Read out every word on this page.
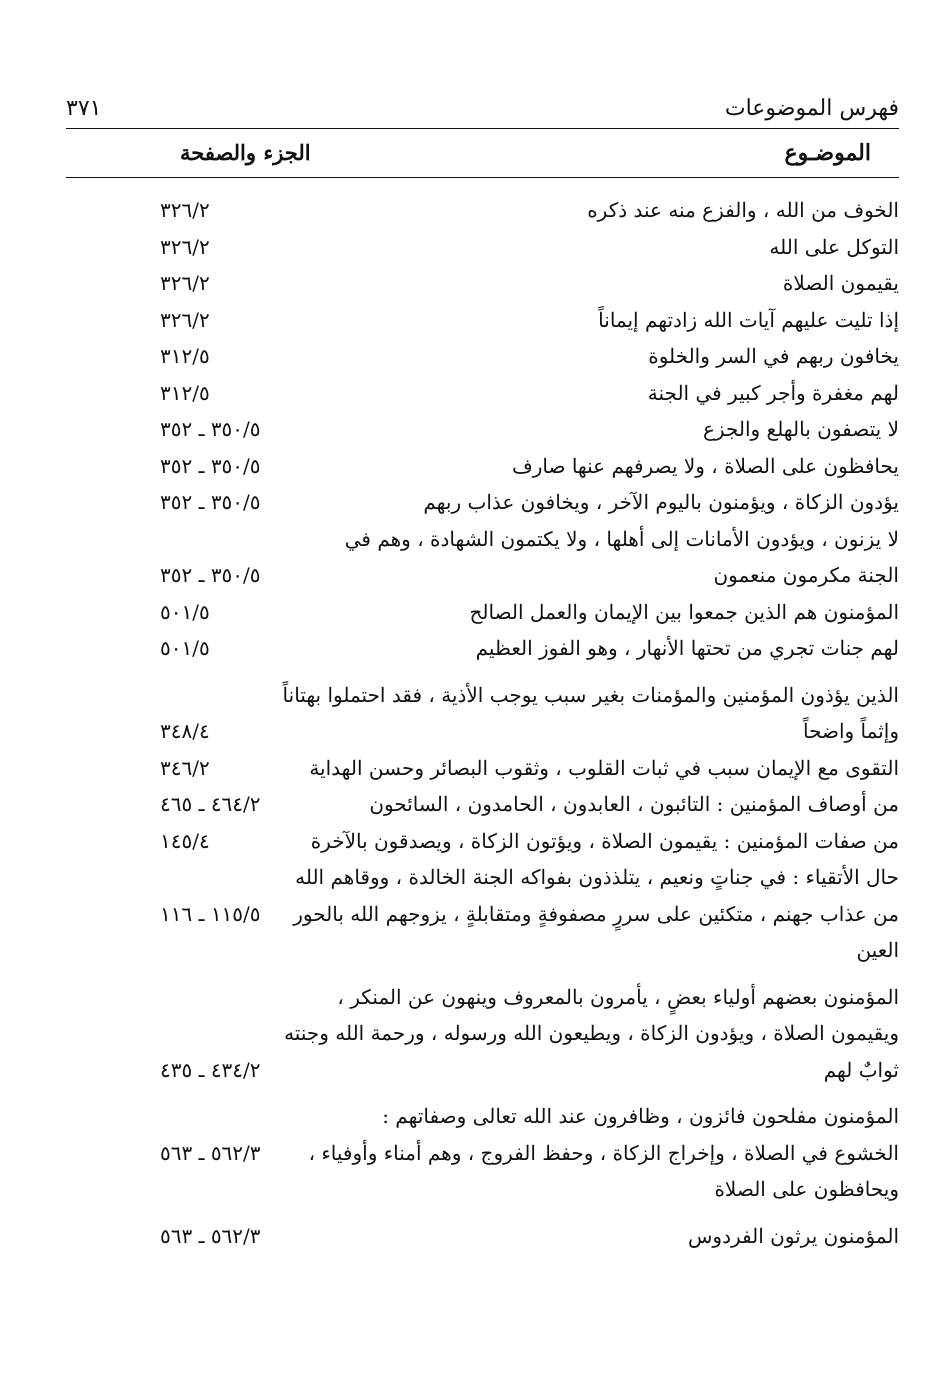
فهرس الموضوعات
٣٧١
الموضـوع
الجزء والصفحة
الخوف من الله ، والفزع منه عند ذكره
٣٢٦/٢
التوكل على الله
٣٢٦/٢
يقيمون الصلاة
٣٢٦/٢
إذا تليت عليهم آيات الله زادتهم إيماناً
٣٢٦/٢
يخافون ربهم في السر والخلوة
٣١٢/٥
لهم مغفرة وأجر كبير في الجنة
٣١٢/٥
لا يتصفون بالهلع والجزع
٣٥٠/٥ ـ ٣٥٢
يحافظون على الصلاة ، ولا يصرفهم عنها صارف
٣٥٠/٥ ـ ٣٥٢
يؤدون الزكاة ، ويؤمنون باليوم الآخر ، ويخافون عذاب ربهم
٣٥٠/٥ ـ ٣٥٢
لا يزنون ، ويؤدون الأمانات إلى أهلها ، ولا يكتمون الشهادة ، وهم في
الجنة مكرمون منعمون
٣٥٠/٥ ـ ٣٥٢
المؤمنون هم الذين جمعوا بين الإيمان والعمل الصالح
٥٠١/٥
لهم جنات تجري من تحتها الأنهار ، وهو الفوز العظيم
٥٠١/٥
الذين يؤذون المؤمنين والمؤمنات بغير سبب يوجب الأذية ، فقد احتملوا بهتاناً
وإثماً واضحاً
٣٤٨/٤
التقوى مع الإيمان سبب في ثبات القلوب ، وثقوب البصائر وحسن الهداية
٣٤٦/٢
من أوصاف المؤمنين : التائبون ، العابدون ، الحامدون ، السائحون
٤٦٤/٢ ـ ٤٦٥
من صفات المؤمنين : يقيمون الصلاة ، ويؤتون الزكاة ، ويصدقون بالآخرة
١٤٥/٤
حال الأتقياء : في جناتٍ ونعيم ، يتلذذون بفواكه الجنة الخالدة ، ووقاهم الله
من عذاب جهنم ، متكئين على سررٍ مصفوفةٍ ومتقابلةٍ ، يزوجهم الله بالحور
العين
١١٥/٥ ـ ١١٦
المؤمنون بعضهم أولياء بعضٍ ، يأمرون بالمعروف وينهون عن المنكر ،
ويقيمون الصلاة ، ويؤدون الزكاة ، ويطيعون الله ورسوله ، ورحمة الله وجنته
ثوابٌ لهم
٤٣٤/٢ ـ ٤٣٥
المؤمنون مفلحون فائزون ، وظافرون عند الله تعالى وصفاتهم :
الخشوع في الصلاة ، وإخراج الزكاة ، وحفظ الفروج ، وهم أمناء وأوفياء ،
ويحافظون على الصلاة
٥٦٢/٣ ـ ٥٦٣
المؤمنون يرثون الفردوس
٥٦٢/٣ ـ ٥٦٣
